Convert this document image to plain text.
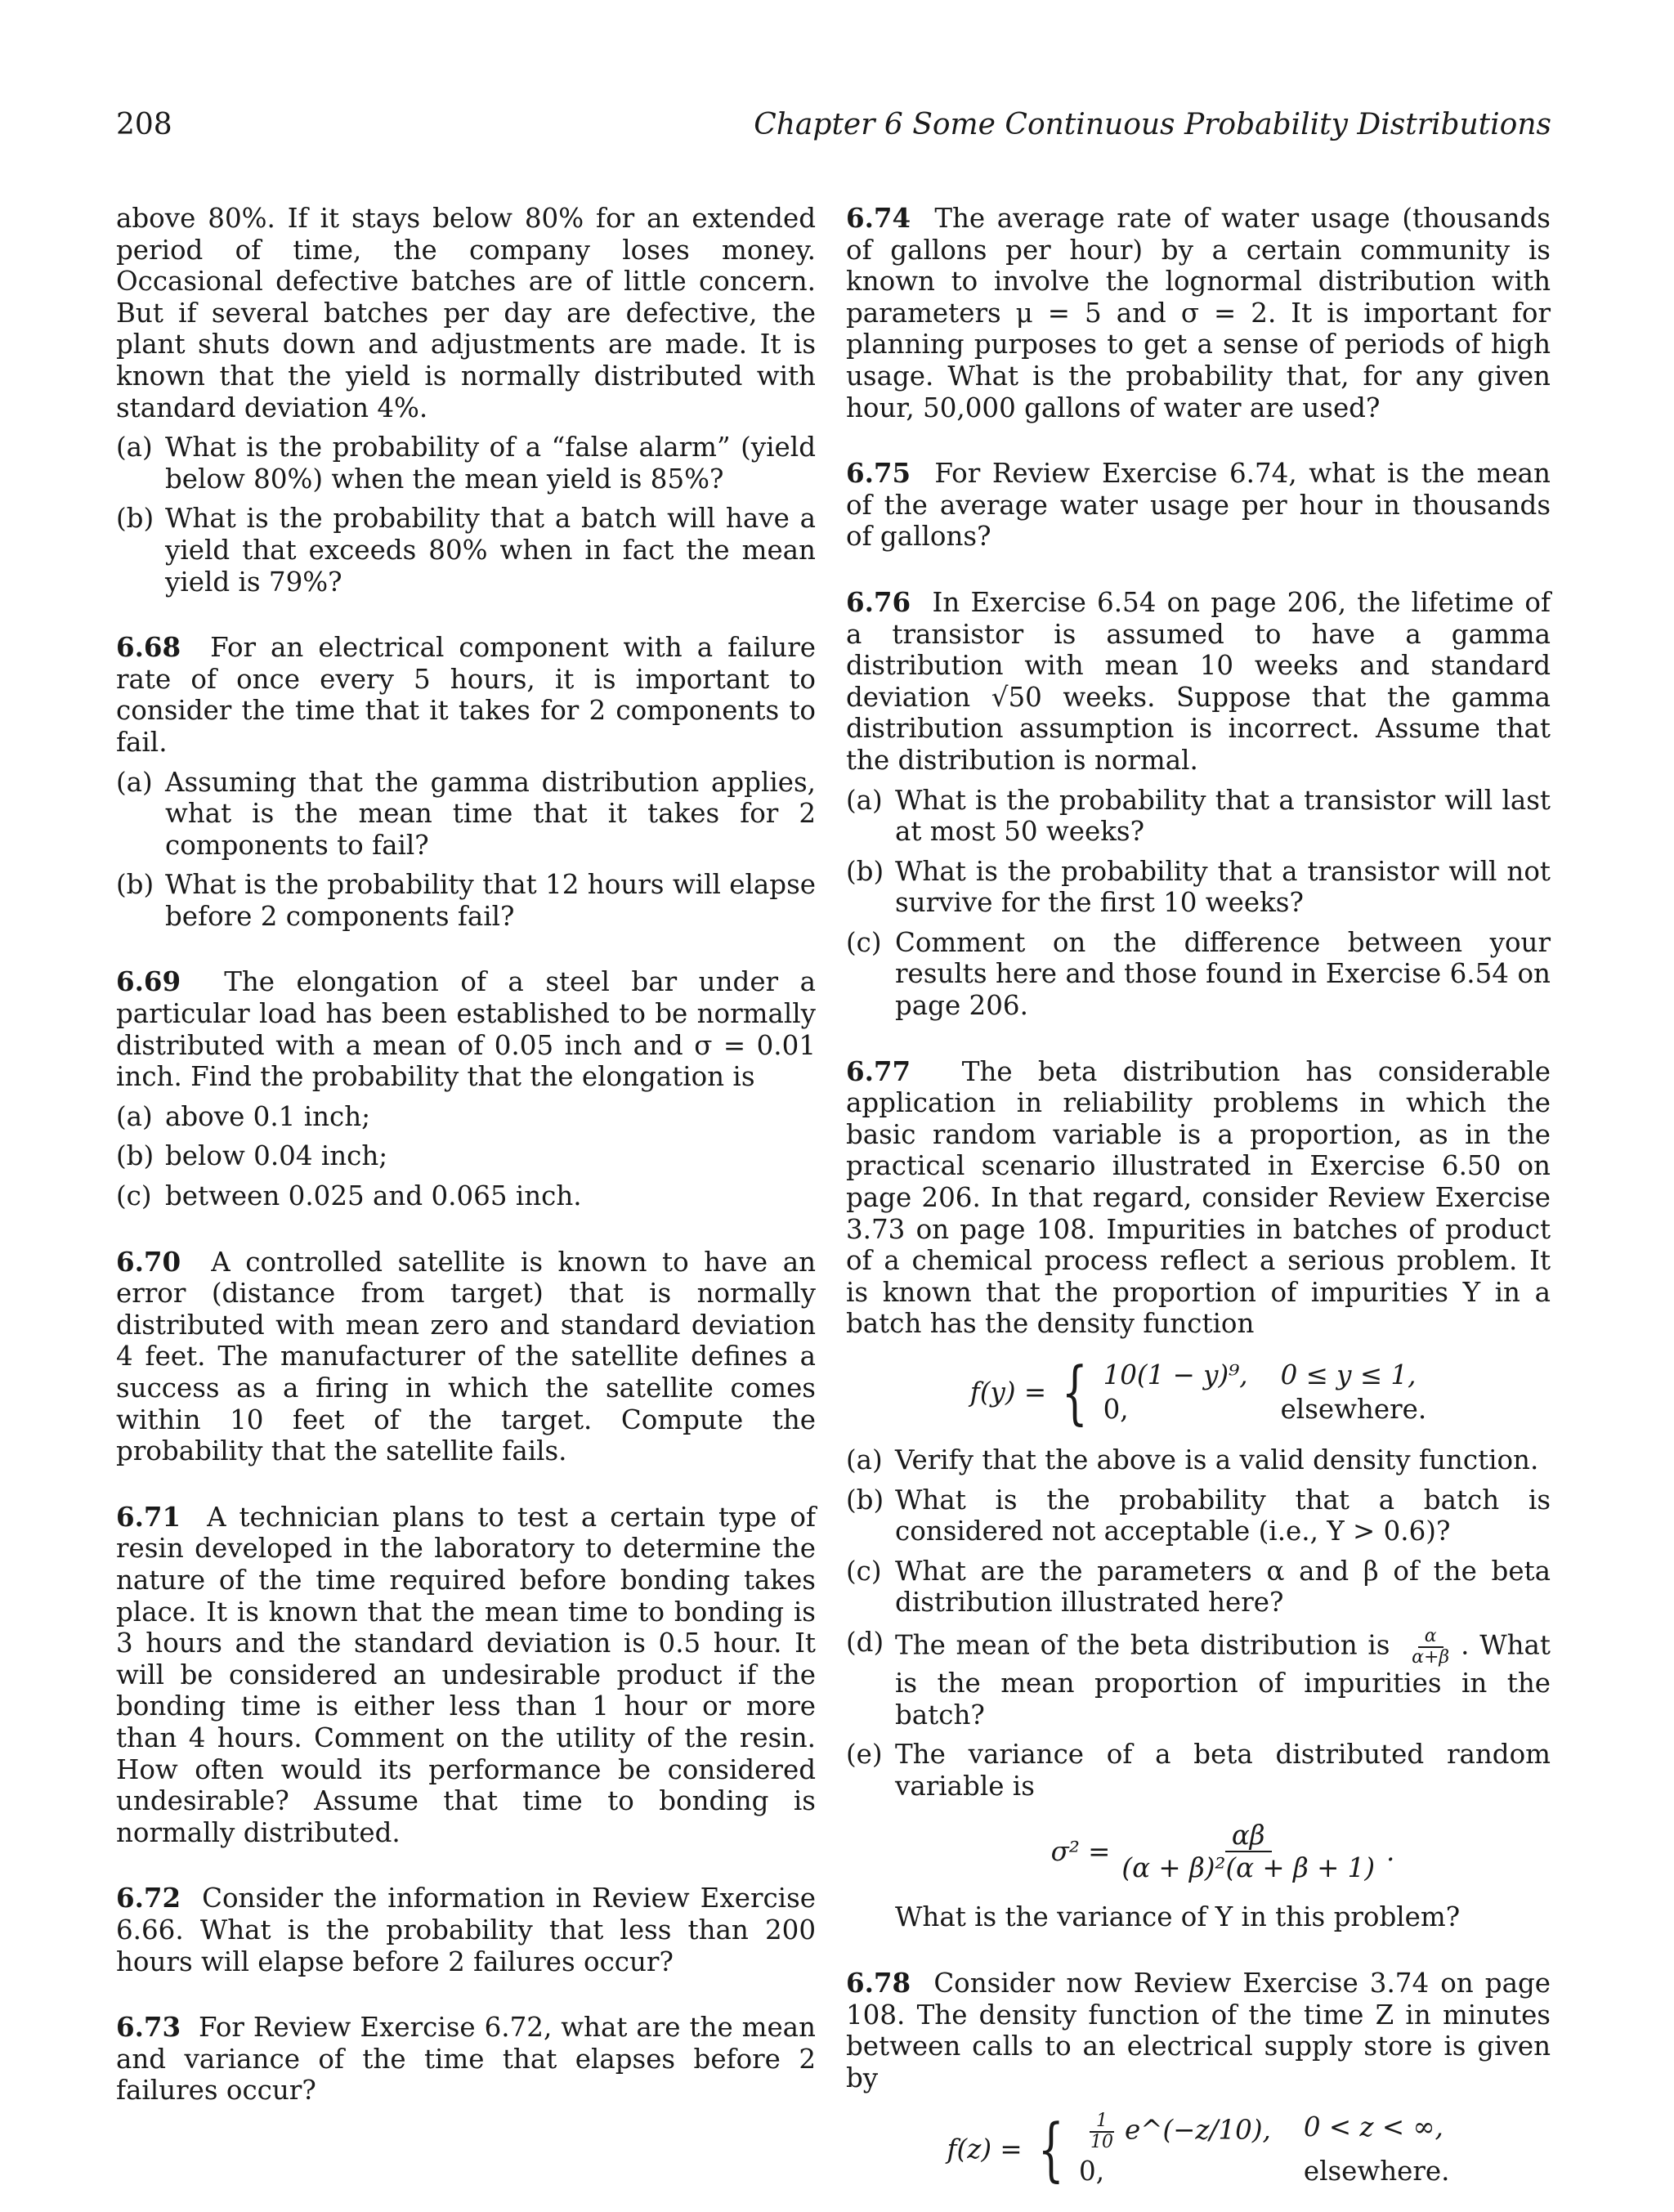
208	Chapter 6 Some Continuous Probability Distributions

above 80%. If it stays below 80% for an extended period of time, the company loses money. Occasional defective batches are of little concern. But if several batches per day are defective, the plant shuts down and adjustments are made. It is known that the yield is normally distributed with standard deviation 4%.

(a) What is the probability of a “false alarm” (yield below 80%) when the mean yield is 85%?
(b) What is the probability that a batch will have a yield that exceeds 80% when in fact the mean yield is 79%?

6.68 For an electrical component with a failure rate of once every 5 hours, it is important to consider the time that it takes for 2 components to fail.

(a) Assuming that the gamma distribution applies, what is the mean time that it takes for 2 components to fail?
(b) What is the probability that 12 hours will elapse before 2 components fail?

6.69 The elongation of a steel bar under a particular load has been established to be normally distributed with a mean of 0.05 inch and σ = 0.01 inch. Find the probability that the elongation is

(a) above 0.1 inch;
(b) below 0.04 inch;
(c) between 0.025 and 0.065 inch.

6.70 A controlled satellite is known to have an error (distance from target) that is normally distributed with mean zero and standard deviation 4 feet. The manufacturer of the satellite defines a success as a firing in which the satellite comes within 10 feet of the target. Compute the probability that the satellite fails.

6.71 A technician plans to test a certain type of resin developed in the laboratory to determine the nature of the time required before bonding takes place. It is known that the mean time to bonding is 3 hours and the standard deviation is 0.5 hour. It will be considered an undesirable product if the bonding time is either less than 1 hour or more than 4 hours. Comment on the utility of the resin. How often would its performance be considered undesirable? Assume that time to bonding is normally distributed.

6.72 Consider the information in Review Exercise 6.66. What is the probability that less than 200 hours will elapse before 2 failures occur?

6.73 For Review Exercise 6.72, what are the mean and variance of the time that elapses before 2 failures occur?

6.74 The average rate of water usage (thousands of gallons per hour) by a certain community is known to involve the lognormal distribution with parameters μ = 5 and σ = 2. It is important for planning purposes to get a sense of periods of high usage. What is the probability that, for any given hour, 50,000 gallons of water are used?

6.75 For Review Exercise 6.74, what is the mean of the average water usage per hour in thousands of gallons?

6.76 In Exercise 6.54 on page 206, the lifetime of a transistor is assumed to have a gamma distribution with mean 10 weeks and standard deviation √50 weeks. Suppose that the gamma distribution assumption is incorrect. Assume that the distribution is normal.

(a) What is the probability that a transistor will last at most 50 weeks?
(b) What is the probability that a transistor will not survive for the first 10 weeks?
(c) Comment on the difference between your results here and those found in Exercise 6.54 on page 206.

6.77 The beta distribution has considerable application in reliability problems in which the basic random variable is a proportion, as in the practical scenario illustrated in Exercise 6.50 on page 206. In that regard, consider Review Exercise 3.73 on page 108. Impurities in batches of product of a chemical process reflect a serious problem. It is known that the proportion of impurities Y in a batch has the density function

f(y) = { 10(1 − y)⁹, 0 ≤ y ≤ 1,
0,	elsewhere.
(a) Verify that the above is a valid density function.
(b) What is the probability that a batch is considered not acceptable (i.e., Y > 0.6)?
(c) What are the parameters α and β of the beta distribution illustrated here?
(d) The mean of the beta distribution is $\frac{\alpha}{\alpha+\beta}$ . What is the mean proportion of impurities in the batch?
(e) The variance of a beta distributed random variable is
$\sigma^2 = \frac{\alpha\beta}{\text{(α + β)²(α + β + 1)}}$ .
What is the variance of Y in this problem?

6.78 Consider now Review Exercise 3.74 on page 108. The density function of the time Z in minutes between calls to an electrical supply store is given by

f(z) = { $\frac{1}{10}$ e^(−z/10), 0 < z < ∞,
0,	elsewhere.
